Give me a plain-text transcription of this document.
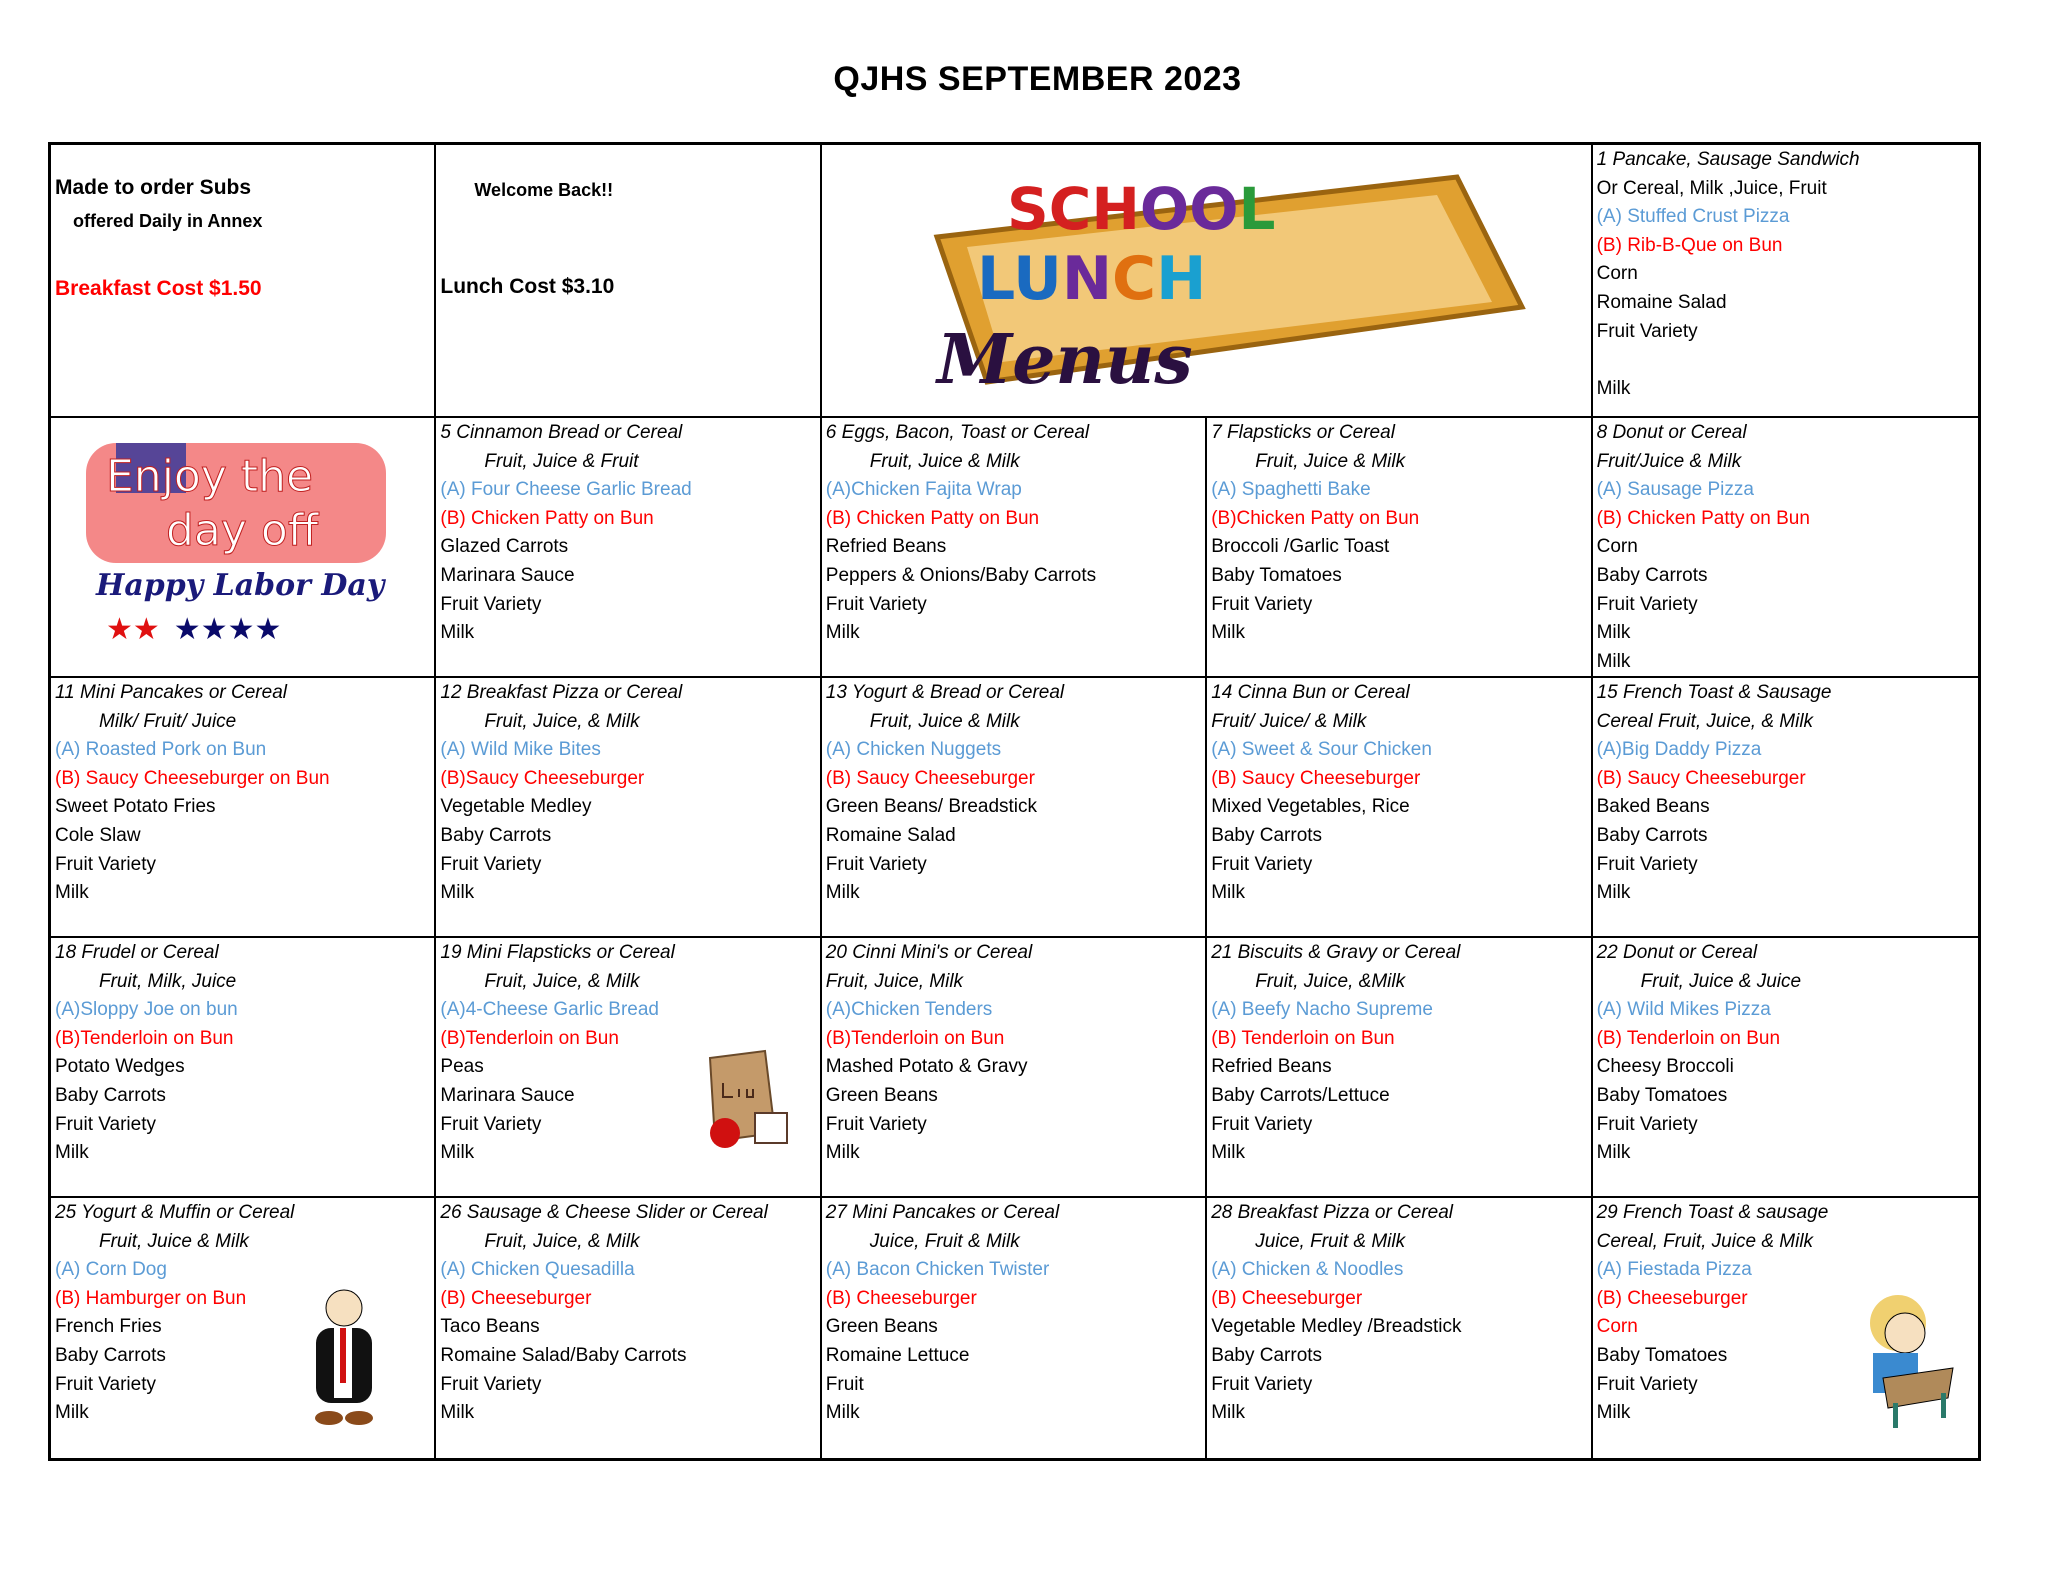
QJHS SEPTEMBER 2023
Made to order Subs
offered Daily in Annex
Breakfast Cost $1.50
Welcome Back!!
Lunch Cost $3.10
SCHOOL
LUNCH
Menus
1 Pancake, Sausage Sandwich
Or Cereal, Milk ,Juice, Fruit
(A) Stuffed Crust Pizza
(B) Rib-B-Que on Bun
Corn
Romaine Salad
Fruit Variety
Milk
Enjoy the
day off
Happy Labor Day
★★ ★★★★
5 Cinnamon Bread or Cereal
Fruit, Juice & Fruit
(A) Four Cheese Garlic Bread
(B) Chicken Patty on Bun
Glazed Carrots
Marinara Sauce
Fruit Variety
Milk
6 Eggs, Bacon, Toast or Cereal
Fruit, Juice & Milk
(A)Chicken Fajita Wrap
(B) Chicken Patty on Bun
Refried Beans
Peppers & Onions/Baby Carrots
Fruit Variety
Milk
7 Flapsticks or Cereal
Fruit, Juice & Milk
(A) Spaghetti Bake
(B)Chicken Patty on Bun
Broccoli /Garlic Toast
Baby Tomatoes
Fruit Variety
Milk
8 Donut or Cereal
Fruit/Juice & Milk
(A) Sausage Pizza
(B) Chicken Patty on Bun
Corn
Baby Carrots
Fruit Variety
Milk
Milk
11 Mini Pancakes or Cereal
Milk/ Fruit/ Juice
(A) Roasted Pork on Bun
(B) Saucy Cheeseburger on Bun
Sweet Potato Fries
Cole Slaw
Fruit Variety
Milk
12 Breakfast Pizza or Cereal
Fruit, Juice, & Milk
(A) Wild Mike Bites
(B)Saucy Cheeseburger
Vegetable Medley
Baby Carrots
Fruit Variety
Milk
13 Yogurt & Bread or Cereal
Fruit, Juice & Milk
(A) Chicken Nuggets
(B) Saucy Cheeseburger
Green Beans/ Breadstick
Romaine Salad
Fruit Variety
Milk
14 Cinna Bun or Cereal
Fruit/ Juice/ & Milk
(A) Sweet & Sour Chicken
(B) Saucy Cheeseburger
Mixed Vegetables, Rice
Baby Carrots
Fruit Variety
Milk
15 French Toast & Sausage
Cereal Fruit, Juice, & Milk
(A)Big Daddy Pizza
(B) Saucy Cheeseburger
Baked Beans
Baby Carrots
Fruit Variety
Milk
18 Frudel or Cereal
Fruit, Milk, Juice
(A)Sloppy Joe on bun
(B)Tenderloin on Bun
Potato Wedges
Baby Carrots
Fruit Variety
Milk
19 Mini Flapsticks or Cereal
Fruit, Juice, & Milk
(A)4-Cheese Garlic Bread
(B)Tenderloin on Bun
Peas
Marinara Sauce
Fruit Variety
Milk
20 Cinni Mini's or Cereal
Fruit, Juice, Milk
(A)Chicken Tenders
(B)Tenderloin on Bun
Mashed Potato & Gravy
Green Beans
Fruit Variety
Milk
21 Biscuits & Gravy or Cereal
Fruit, Juice, &Milk
(A) Beefy Nacho Supreme
(B) Tenderloin on Bun
Refried Beans
Baby Carrots/Lettuce
Fruit Variety
Milk
22 Donut or Cereal
Fruit, Juice & Juice
(A) Wild Mikes Pizza
(B) Tenderloin on Bun
Cheesy Broccoli
Baby Tomatoes
Fruit Variety
Milk
25 Yogurt & Muffin or Cereal
Fruit, Juice & Milk
(A) Corn Dog
(B) Hamburger on Bun
French Fries
Baby Carrots
Fruit Variety
Milk
26 Sausage & Cheese Slider or Cereal
Fruit, Juice, & Milk
(A) Chicken Quesadilla
(B) Cheeseburger
Taco Beans
Romaine Salad/Baby Carrots
Fruit Variety
Milk
27 Mini Pancakes or Cereal
Juice, Fruit & Milk
(A) Bacon Chicken Twister
(B) Cheeseburger
Green Beans
Romaine Lettuce
Fruit
Milk
28 Breakfast Pizza or Cereal
Juice, Fruit & Milk
(A) Chicken & Noodles
(B) Cheeseburger
Vegetable Medley /Breadstick
Baby Carrots
Fruit Variety
Milk
29 French Toast & sausage
Cereal, Fruit, Juice & Milk
(A) Fiestada Pizza
(B) Cheeseburger
Corn
Baby Tomatoes
Fruit Variety
Milk
